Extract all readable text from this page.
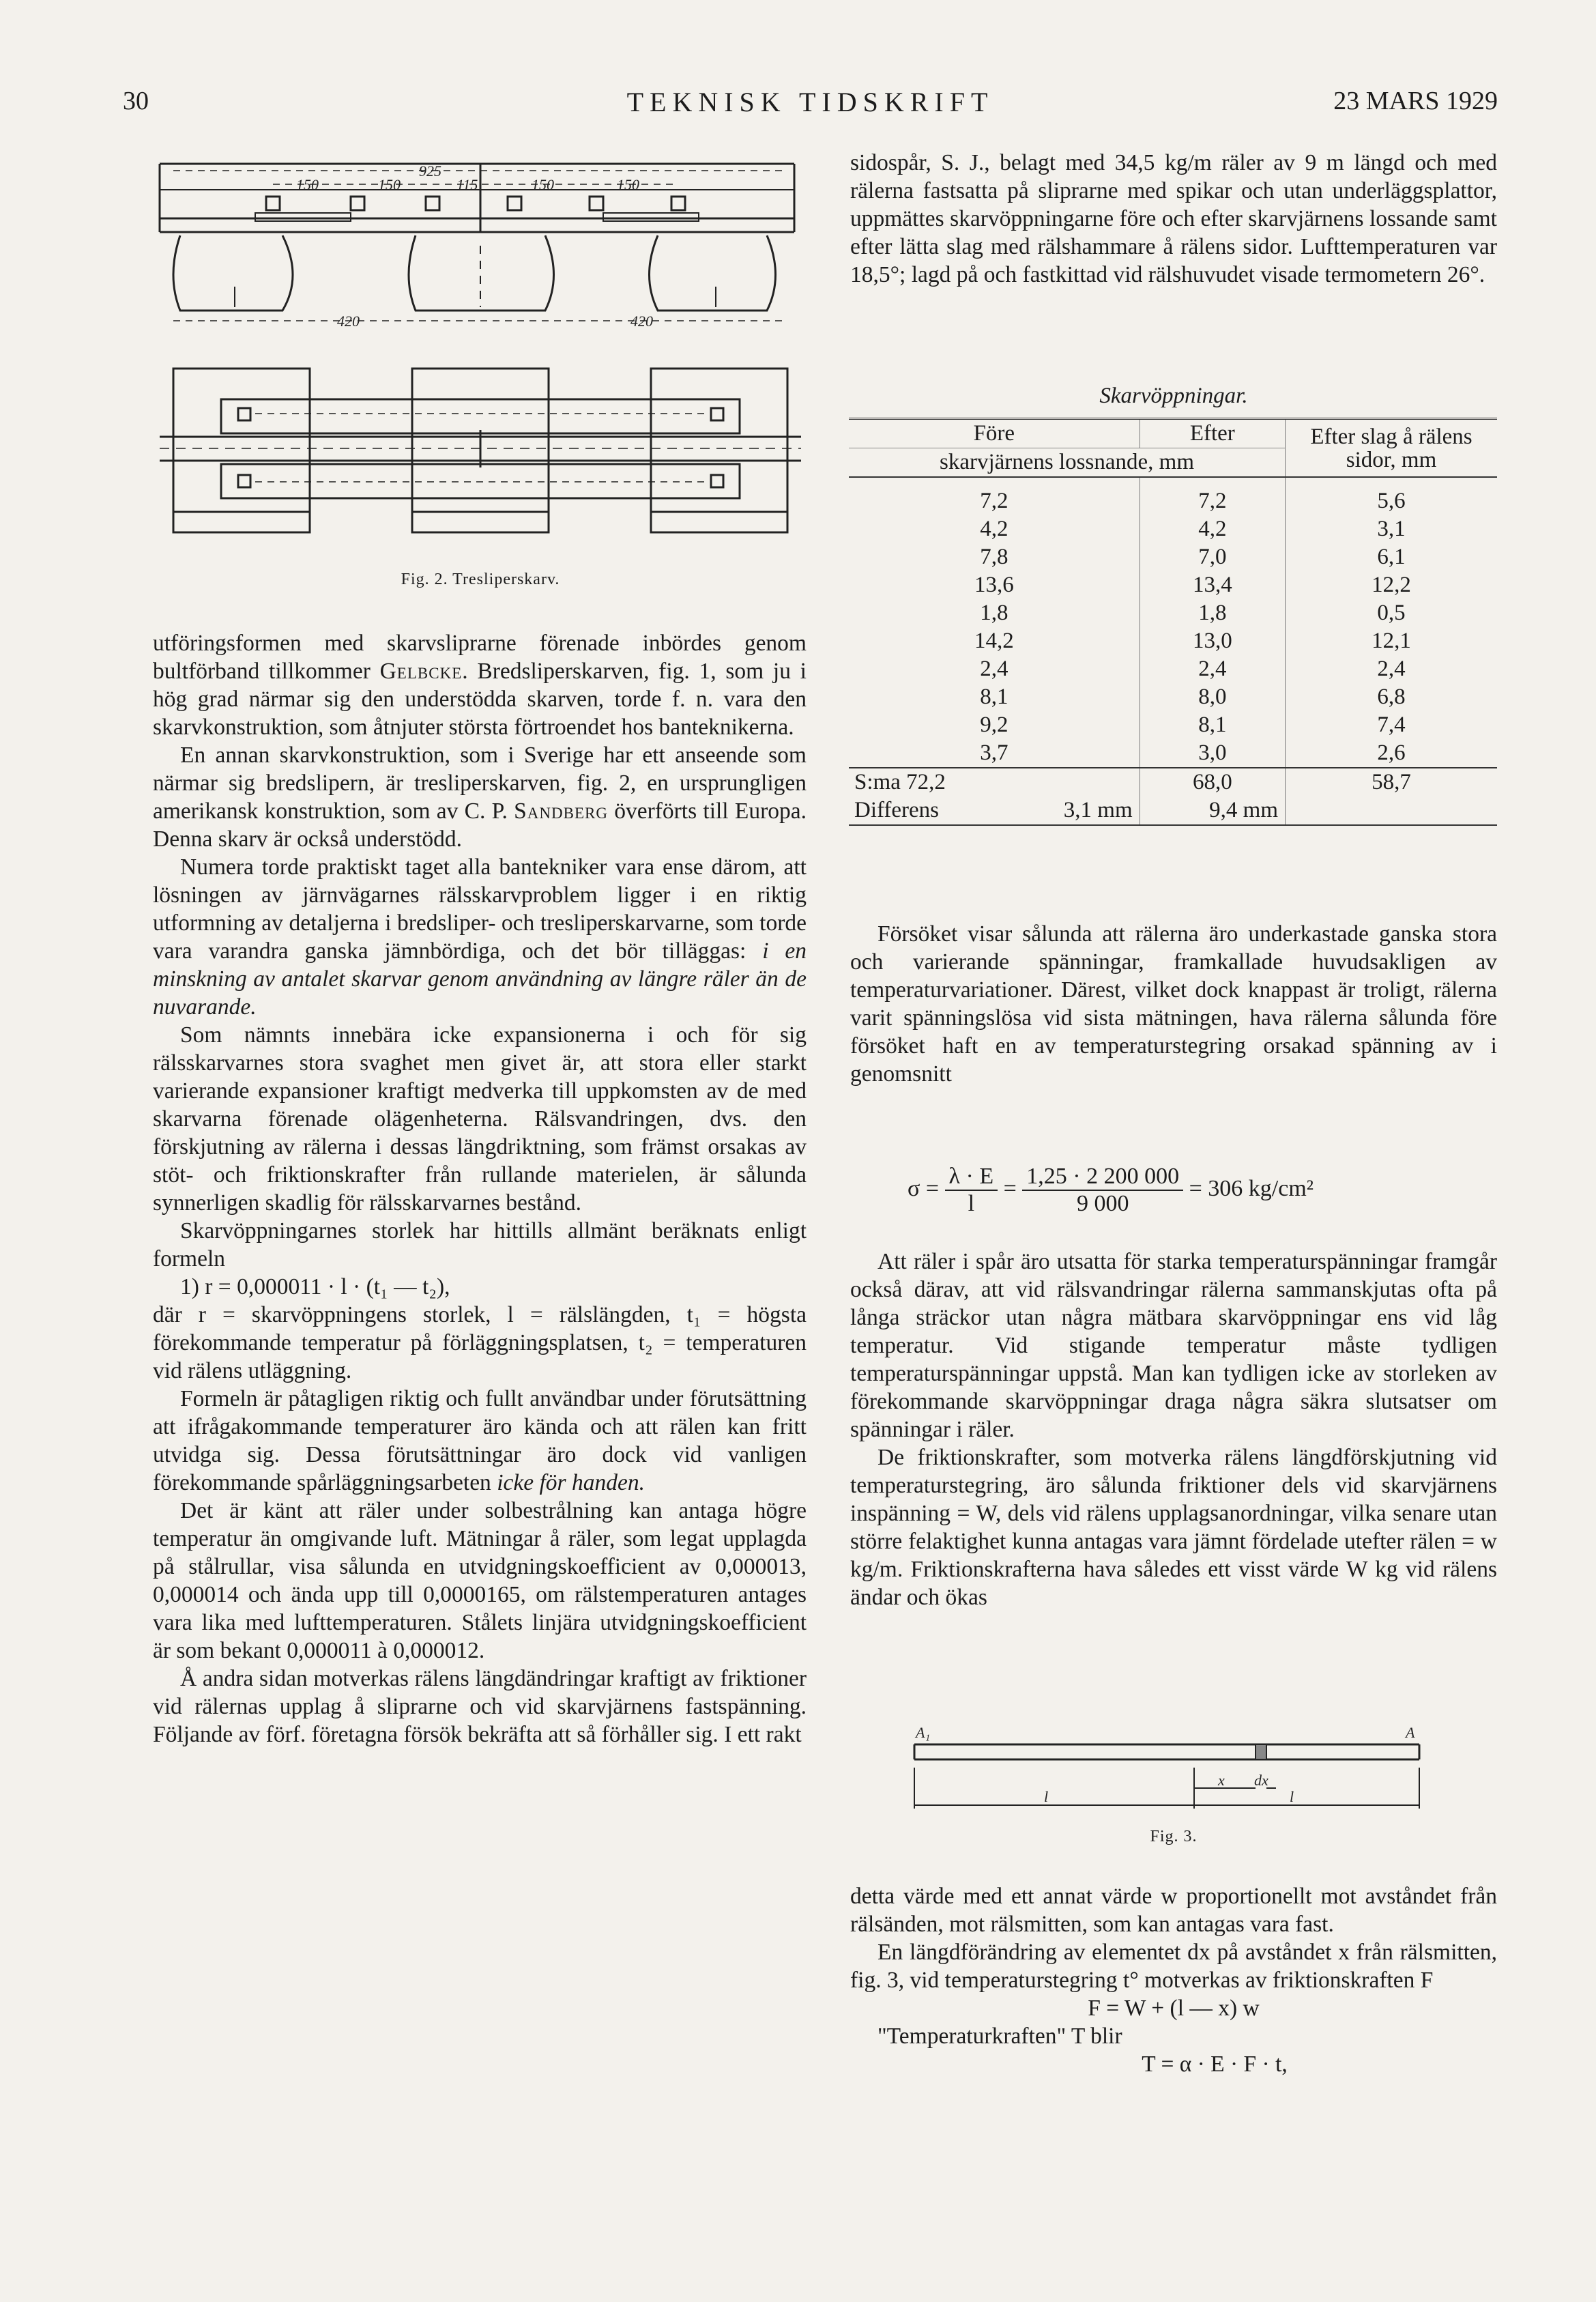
30	TEKNISK TIDSKRIFT	23 MARS 1929
925
150	150	115	150	150
420	420
Fig. 2. Tresliperskarv.

utföringsformen med skarvsliprarne förenade inbördes genom bultförband tillkommer Gelbcke. Bredsliperskarven, fig. 1, som ju i hög grad närmar sig den understödda skarven, torde f. n. vara den skarvkonstruktion, som åtnjuter största förtroendet hos banteknikerna.

En annan skarvkonstruktion, som i Sverige har ett anseende som närmar sig bredslipern, är tresliperskarven, fig. 2, en ursprungligen amerikansk konstruktion, som av C. P. Sandberg överförts till Europa. Denna skarv är också understödd.

Numera torde praktiskt taget alla bantekniker vara ense därom, att lösningen av järnvägarnes rälsskarvproblem ligger i en riktig utformning av detaljerna i bredsliper- och tresliperskarvarne, som torde vara varandra ganska jämnbördiga, och det bör tilläggas: i en minskning av antalet skarvar genom användning av längre räler än de nuvarande.

Som nämnts innebära icke expansionerna i och för sig rälsskarvarnes stora svaghet men givet är, att stora eller starkt varierande expansioner kraftigt medverka till uppkomsten av de med skarvarna förenade olägenheterna. Rälsvandringen, dvs. den förskjutning av rälerna i dessas längdriktning, som främst orsakas av stöt- och friktionskrafter från rullande materielen, är sålunda synnerligen skadlig för rälsskarvarnes bestånd.

Skarvöppningarnes storlek har hittills allmänt beräknats enligt formeln

1) r = 0,000011 · l · (t₁ — t₂),

där r = skarvöppningens storlek, l = rälslängden, t₁ = högsta förekommande temperatur på förläggningsplatsen, t₂ = temperaturen vid rälens utläggning.

Formeln är påtagligen riktig och fullt användbar under förutsättning att ifrågakommande temperaturer äro kända och att rälen kan fritt utvidga sig. Dessa förutsättningar äro dock vid vanligen förekommande spårläggningsarbeten icke för handen.

Det är känt att räler under solbestrålning kan antaga högre temperatur än omgivande luft. Mätningar å räler, som legat upplagda på stålrullar, visa sålunda en utvidgningskoefficient av 0,000013, 0,000014 och ända upp till 0,0000165, om rälstemperaturen antages vara lika med lufttemperaturen. Stålets linjära utvidgningskoefficient är som bekant 0,000011 à 0,000012.

Å andra sidan motverkas rälens längdändringar kraftigt av friktioner vid rälernas upplag å sliprarne och vid skarvjärnens fastspänning. Följande av förf. företagna försök bekräfta att så förhåller sig. I ett rakt

sidospår, S. J., belagt med 34,5 kg/m räler av 9 m längd och med rälerna fastsatta på sliprarne med spikar och utan underläggsplattor, uppmättes skarvöppningarne före och efter skarvjärnens lossande samt efter lätta slag med rälshammare å rälens sidor. Lufttemperaturen var 18,5°; lagd på och fastkittad vid rälshuvudet visade termometern 26°.

Skarvöppningar.
Före	Efter	Efter slag å rälens sidor, mm
skarvjärnens lossnande, mm		
7,2	7,2	5,6
4,2	4,2	3,1
7,8	7,0	6,1
13,6	13,4	12,2
1,8	1,8	0,5
14,2	13,0	12,1
2,4	2,4	2,4
8,1	8,0	6,8
9,2	8,1	7,4
3,7	3,0	2,6
S:ma 72,2	68,0	58,7
Differens 3,1 mm	9,4 mm	

Försöket visar sålunda att rälerna äro underkastade ganska stora och varierande spänningar, framkallade huvudsakligen av temperaturvariationer. Därest, vilket dock knappast är troligt, rälerna varit spänningslösa vid sista mätningen, hava rälerna sålunda före försöket haft en av temperaturstegring orsakad spänning av i genomsnitt

$\sigma = \frac{\lambda \cdot E}{l} = \frac{1,25 \cdot 2 200 000}{9 000} = 306$ kg/cm²

Att räler i spår äro utsatta för starka temperaturspänningar framgår också därav, att vid rälsvandringar rälerna sammanskjutas ofta på långa sträckor utan några mätbara skarvöppningar ens vid låg temperatur. Vid stigande temperatur måste tydligen temperaturspänningar uppstå. Man kan tydligen icke av storleken av förekommande skarvöppningar draga några säkra slutsatser om spänningar i räler.

De friktionskrafter, som motverka rälens längdförskjutning vid temperaturstegring, äro sålunda friktioner dels vid skarvjärnens inspänning = W, dels vid rälens upplagsanordningar, vilka senare utan större felaktighet kunna antagas vara jämnt fördelade utefter rälen = w kg/m. Friktionskrafterna hava således ett visst värde W kg vid rälens ändar och ökas

A₁	A
x dx
l	l
Fig. 3.

detta värde med ett annat värde w proportionellt mot avståndet från rälsänden, mot rälsmitten, som kan antagas vara fast.

En längdförändring av elementet dx på avståndet x från rälsmitten, fig. 3, vid temperaturstegring t° motverkas av friktionskraften F

F = W + (l — x) w

"Temperaturkraften" T blir

T = α · E · F · t,
